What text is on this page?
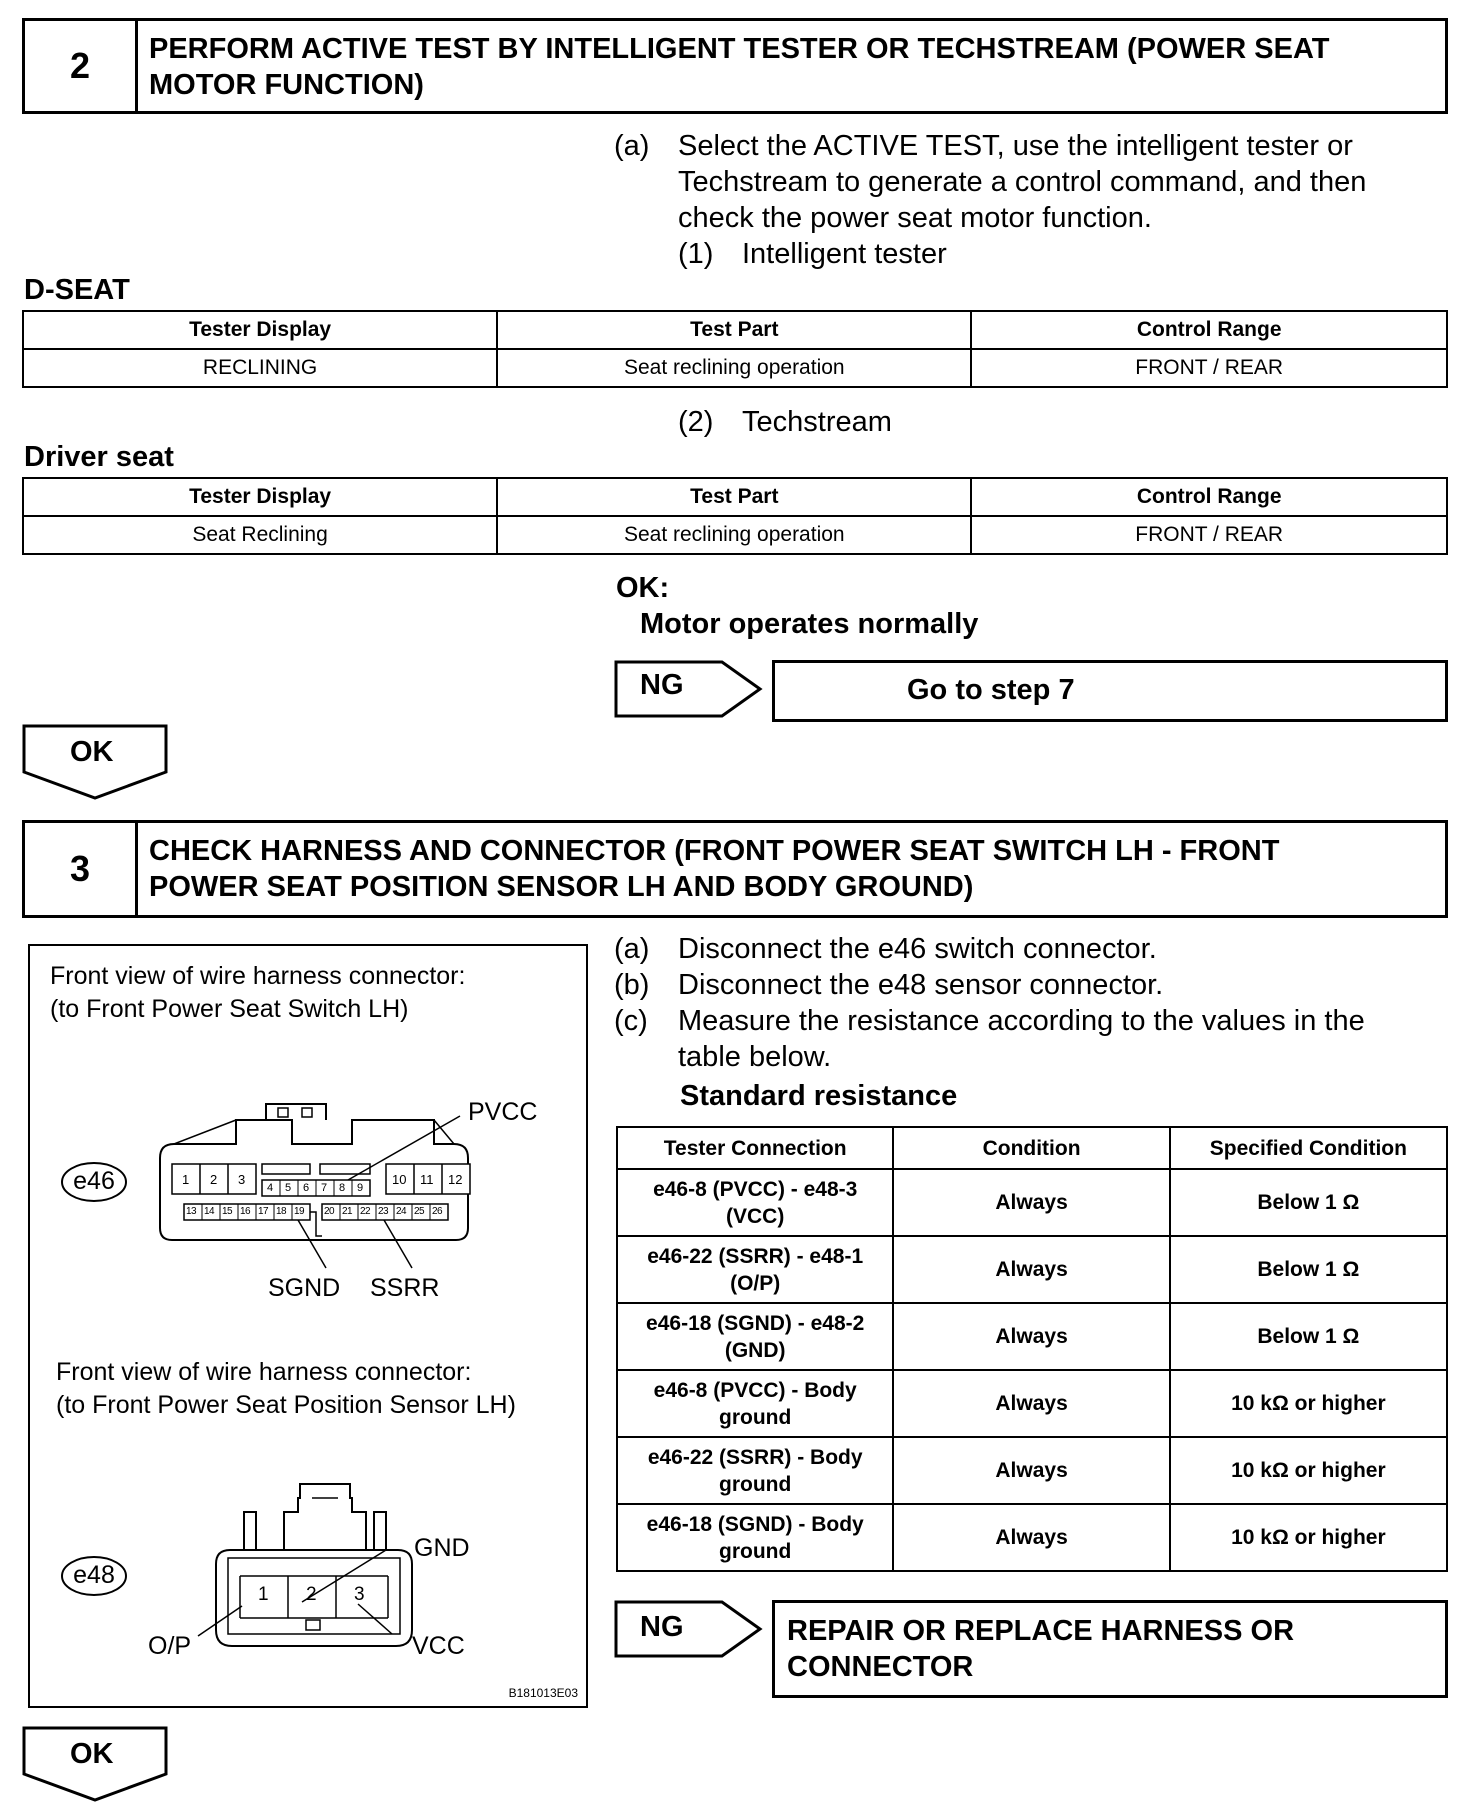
2	PERFORM ACTIVE TEST BY INTELLIGENT TESTER OR TECHSTREAM (POWER SEAT
MOTOR FUNCTION)
(a) Select the ACTIVE TEST, use the intelligent tester or
Techstream to generate a control command, and then
check the power seat motor function.
(1) Intelligent tester
D-SEAT
Tester Display	Test Part	Control Range
RECLINING	Seat reclining operation	FRONT / REAR
(2) Techstream
Driver seat
Tester Display	Test Part	Control Range
Seat Reclining	Seat reclining operation	FRONT / REAR
OK:
Motor operates normally
NG	Go to step 7
OK
3	CHECK HARNESS AND CONNECTOR (FRONT POWER SEAT SWITCH LH - FRONT
POWER SEAT POSITION SENSOR LH AND BODY GROUND)
(a) Disconnect the e46 switch connector.
(b) Disconnect the e48 sensor connector.
(c) Measure the resistance according to the values in the
table below.
Standard resistance
Tester Connection	Condition	Specified Condition

e46-8 (PVCC) - e48-3
(VCC)	Always	Below 1 Ω

e46-22 (SSRR) - e48-1
(O/P)	Always	Below 1 Ω

e46-18 (SGND) - e48-2
(GND)	Always	Below 1 Ω

e46-8 (PVCC) - Body
ground	Always	10 kΩ or higher

e46-22 (SSRR) - Body
ground	Always	10 kΩ or higher

e46-18 (SGND) - Body
ground	Always	10 kΩ or higher
NG	REPAIR OR REPLACE HARNESS OR
CONNECTOR
OK
Front view of wire harness connector:
(to Front Power Seat Switch LH)
e46
PVCC
1 2 3
4 5 6 7 8 9
10 11 12
13 14 15 16 17 18 19 20 21 22 23 24 25 26
SGND SSRR
Front view of wire harness connector:
(to Front Power Seat Position Sensor LH)
e48
1 2 3
GND
O/P	VCC
B181013E03
